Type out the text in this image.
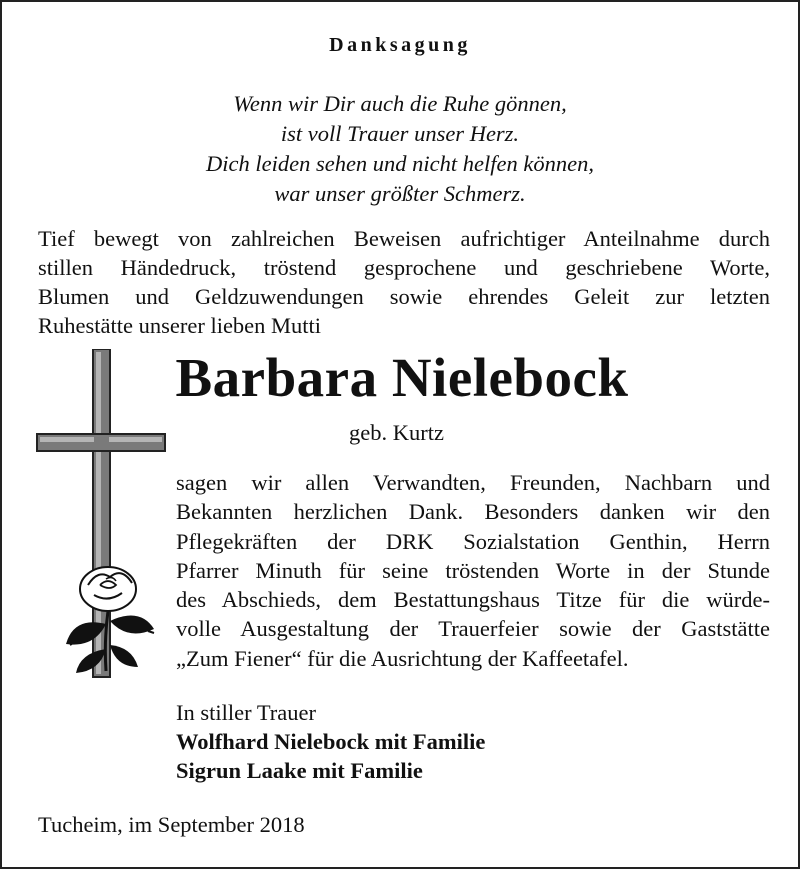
Danksagung
Wenn wir Dir auch die Ruhe gönnen,
ist voll Trauer unser Herz.
Dich leiden sehen und nicht helfen können,
war unser größter Schmerz.
Tief bewegt von zahlreichen Beweisen aufrichtiger Anteilnahme durch
stillen Händedruck, tröstend gesprochene und geschriebene Worte,
Blumen und Geldzuwendungen sowie ehrendes Geleit zur letzten
Ruhestätte unserer lieben Mutti
Barbara Nielebock
geb. Kurtz
sagen wir allen Verwandten, Freunden, Nachbarn und
Bekannten herzlichen Dank. Besonders danken wir den
Pflegekräften der DRK Sozialstation Genthin, Herrn
Pfarrer Minuth für seine tröstenden Worte in der Stunde
des Abschieds, dem Bestattungshaus Titze für die würde-
volle Ausgestaltung der Trauerfeier sowie der Gaststätte
„Zum Fiener“ für die Ausrichtung der Kaffeetafel.
In stiller Trauer
Wolfhard Nielebock mit Familie
Sigrun Laake mit Familie
Tucheim, im September 2018
